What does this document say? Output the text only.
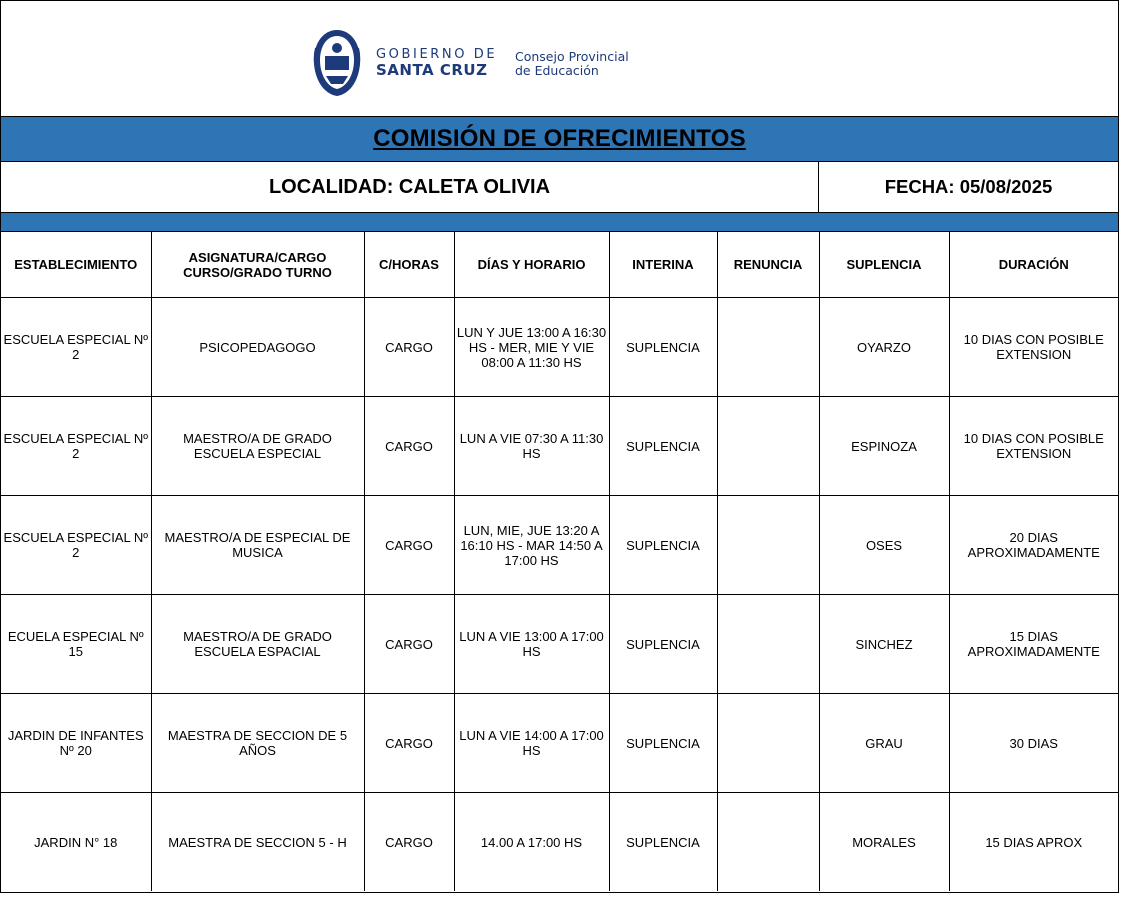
GOBIERNO DE
SANTA CRUZ
Consejo Provincial
de Educación
COMISIÓN DE OFRECIMIENTOS
LOCALIDAD: CALETA OLIVIA	FECHA: 05/08/2025
ESTABLECIMIENTO	ASIGNATURA/CARGO CURSO/GRADO TURNO	C/HORAS	DÍAS Y HORARIO	INTERINA	RENUNCIA	SUPLENCIA	DURACIÓN
ESCUELA ESPECIAL Nº 2	PSICOPEDAGOGO	CARGO	LUN Y JUE 13:00 A 16:30 HS - MER, MIE Y VIE 08:00 A 11:30 HS	SUPLENCIA		OYARZO	10 DIAS CON POSIBLE EXTENSION
ESCUELA ESPECIAL Nº 2	MAESTRO/A DE GRADO ESCUELA ESPECIAL	CARGO	LUN A VIE 07:30 A 11:30 HS	SUPLENCIA		ESPINOZA	10 DIAS CON POSIBLE EXTENSION
ESCUELA ESPECIAL Nº 2	MAESTRO/A DE ESPECIAL DE MUSICA	CARGO	LUN, MIE, JUE 13:20 A 16:10 HS - MAR 14:50 A 17:00 HS	SUPLENCIA		OSES	20 DIAS APROXIMADAMENTE
ECUELA ESPECIAL Nº 15	MAESTRO/A DE GRADO ESCUELA ESPACIAL	CARGO	LUN A VIE 13:00 A 17:00 HS	SUPLENCIA		SINCHEZ	15 DIAS APROXIMADAMENTE
JARDIN DE INFANTES Nº 20	MAESTRA DE SECCION DE 5 AÑOS	CARGO	LUN A VIE 14:00 A 17:00 HS	SUPLENCIA		GRAU	30 DIAS
JARDIN N° 18	MAESTRA DE SECCION 5 - H	CARGO	14.00 A 17:00 HS	SUPLENCIA		MORALES	15 DIAS APROX
